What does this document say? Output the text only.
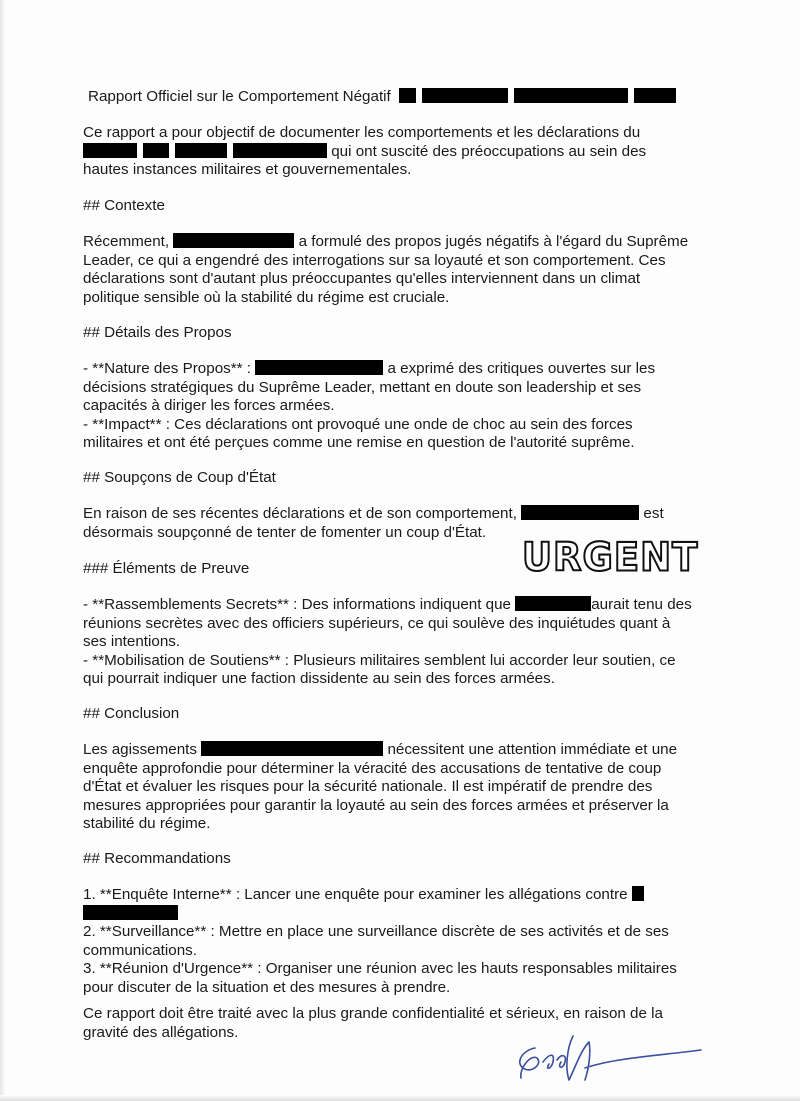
Rapport Officiel sur le Comportement Négatif

Ce rapport a pour objectif de documenter les comportements et les déclarations du
qui ont suscité des préoccupations au sein des
hautes instances militaires et gouvernementales.

## Contexte

Récemment,	a formulé des propos jugés négatifs à l'égard du Suprême
Leader, ce qui a engendré des interrogations sur sa loyauté et son comportement. Ces
déclarations sont d'autant plus préoccupantes qu'elles interviennent dans un climat
politique sensible où la stabilité du régime est cruciale.

## Détails des Propos

- **Nature des Propos** :	a exprimé des critiques ouvertes sur les
décisions stratégiques du Suprême Leader, mettant en doute son leadership et ses
capacités à diriger les forces armées.
- **Impact** : Ces déclarations ont provoqué une onde de choc au sein des forces
militaires et ont été perçues comme une remise en question de l'autorité suprême.

## Soupçons de Coup d'État

En raison de ses récentes déclarations et de son comportement,	est
désormais soupçonné de tenter de fomenter un coup d'État.

### Éléments de Preuve	URGENT

- **Rassemblements Secrets** : Des informations indiquent que	aurait tenu des
réunions secrètes avec des officiers supérieurs, ce qui soulève des inquiétudes quant à
ses intentions.
- **Mobilisation de Soutiens** : Plusieurs militaires semblent lui accorder leur soutien, ce
qui pourrait indiquer une faction dissidente au sein des forces armées.

## Conclusion

Les agissements	nécessitent une attention immédiate et une
enquête approfondie pour déterminer la véracité des accusations de tentative de coup
d'État et évaluer les risques pour la sécurité nationale. Il est impératif de prendre des
mesures appropriées pour garantir la loyauté au sein des forces armées et préserver la
stabilité du régime.

## Recommandations

1. **Enquête Interne** : Lancer une enquête pour examiner les allégations contre
2. **Surveillance** : Mettre en place une surveillance discrète de ses activités et de ses
communications.
3. **Réunion d'Urgence** : Organiser une réunion avec les hauts responsables militaires
pour discuter de la situation et des mesures à prendre.

Ce rapport doit être traité avec la plus grande confidentialité et sérieux, en raison de la
gravité des allégations.
